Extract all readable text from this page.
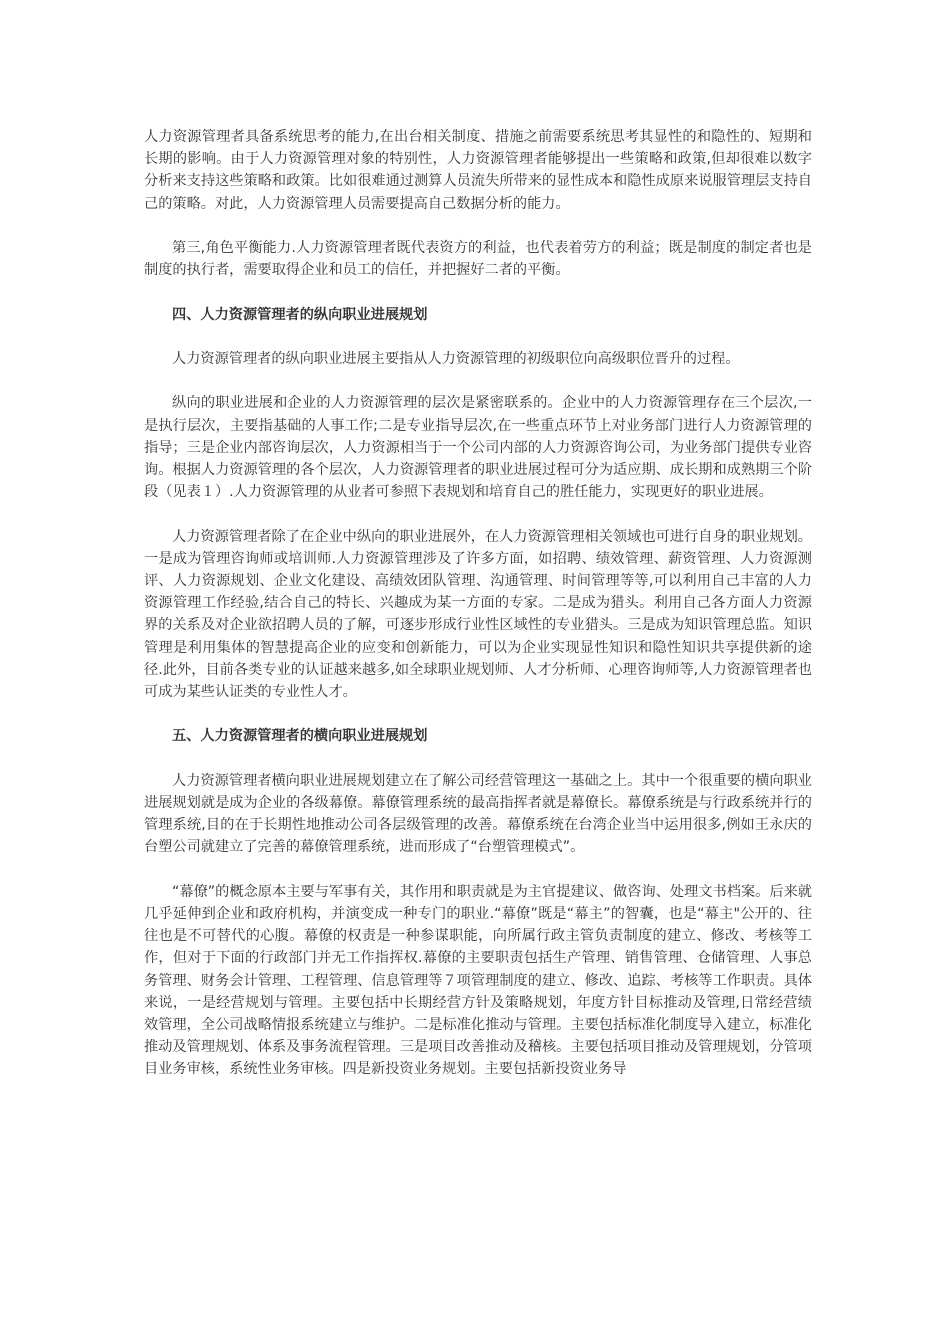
人力资源管理者具备系统思考的能力,在出台相关制度、措施之前需要系统思考其显性的和隐性的、短期和长期的影响。由于人力资源管理对象的特别性，人力资源管理者能够提出一些策略和政策,但却很难以数字分析来支持这些策略和政策。比如很难通过测算人员流失所带来的显性成本和隐性成原来说服管理层支持自己的策略。对此，人力资源管理人员需要提高自己数据分析的能力。

第三,角色平衡能力.人力资源管理者既代表资方的利益，也代表着劳方的利益；既是制度的制定者也是制度的执行者，需要取得企业和员工的信任，并把握好二者的平衡。

四、人力资源管理者的纵向职业进展规划

人力资源管理者的纵向职业进展主要指从人力资源管理的初级职位向高级职位晋升的过程。

纵向的职业进展和企业的人力资源管理的层次是紧密联系的。企业中的人力资源管理存在三个层次,一是执行层次，主要指基础的人事工作;二是专业指导层次,在一些重点环节上对业务部门进行人力资源管理的指导；三是企业内部咨询层次，人力资源相当于一个公司内部的人力资源咨询公司，为业务部门提供专业咨询。根据人力资源管理的各个层次，人力资源管理者的职业进展过程可分为适应期、成长期和成熟期三个阶段（见表１）.人力资源管理的从业者可参照下表规划和培育自己的胜任能力，实现更好的职业进展。

人力资源管理者除了在企业中纵向的职业进展外，在人力资源管理相关领域也可进行自身的职业规划。一是成为管理咨询师或培训师.人力资源管理涉及了许多方面，如招聘、绩效管理、薪资管理、人力资源测评、人力资源规划、企业文化建设、高绩效团队管理、沟通管理、时间管理等等,可以利用自己丰富的人力资源管理工作经验,结合自己的特长、兴趣成为某一方面的专家。二是成为猎头。利用自己各方面人力资源界的关系及对企业欲招聘人员的了解，可逐步形成行业性区域性的专业猎头。三是成为知识管理总监。知识管理是利用集体的智慧提高企业的应变和创新能力，可以为企业实现显性知识和隐性知识共享提供新的途径.此外，目前各类专业的认证越来越多,如全球职业规划师、人才分析师、心理咨询师等,人力资源管理者也可成为某些认证类的专业性人才。

五、人力资源管理者的横向职业进展规划

人力资源管理者横向职业进展规划建立在了解公司经营管理这一基础之上。其中一个很重要的横向职业进展规划就是成为企业的各级幕僚。幕僚管理系统的最高指挥者就是幕僚长。幕僚系统是与行政系统并行的管理系统,目的在于长期性地推动公司各层级管理的改善。幕僚系统在台湾企业当中运用很多,例如王永庆的台塑公司就建立了完善的幕僚管理系统，进而形成了“台塑管理模式”。

“幕僚”的概念原本主要与军事有关，其作用和职责就是为主官提建议、做咨询、处理文书档案。后来就几乎延伸到企业和政府机构，并演变成一种专门的职业.“幕僚”既是“幕主”的智囊，也是“幕主"公开的、往往也是不可替代的心腹。幕僚的权责是一种参谋职能，向所属行政主管负责制度的建立、修改、考核等工作，但对于下面的行政部门并无工作指挥权.幕僚的主要职责包括生产管理、销售管理、仓储管理、人事总务管理、财务会计管理、工程管理、信息管理等７项管理制度的建立、修改、追踪、考核等工作职责。具体来说，一是经营规划与管理。主要包括中长期经营方针及策略规划，年度方针目标推动及管理,日常经营绩效管理，全公司战略情报系统建立与维护。二是标准化推动与管理。主要包括标准化制度导入建立，标准化推动及管理规划、体系及事务流程管理。三是项目改善推动及稽核。主要包括项目推动及管理规划，分管项目业务审核，系统性业务审核。四是新投资业务规划。主要包括新投资业务导
